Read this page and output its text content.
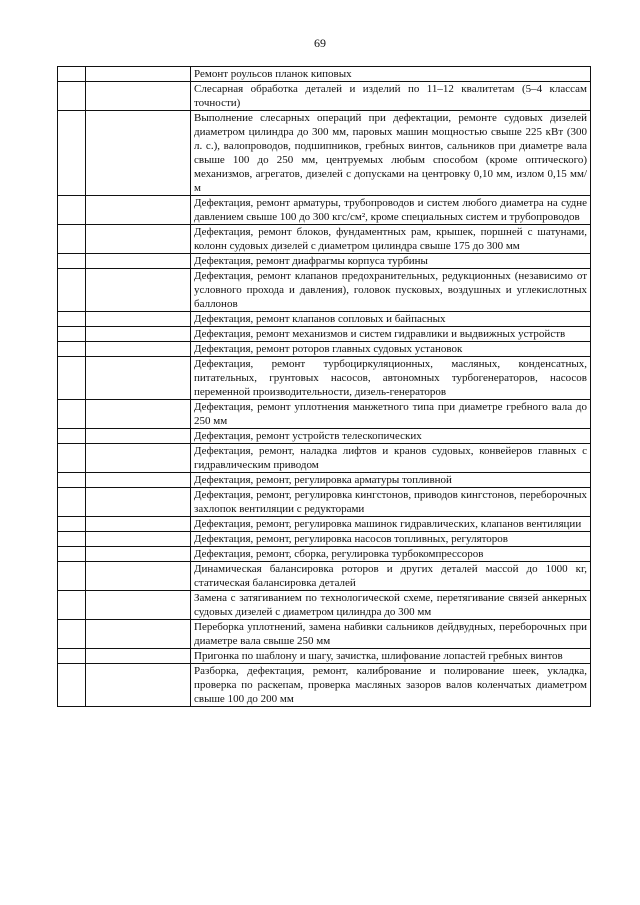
69
		Ремонт роульсов планок киповых
		Слесарная обработка деталей и изделий по 11–12 квалитетам (5–4 классам точности)
		Выполнение слесарных операций при дефектации, ремонте судовых дизелей диаметром цилиндра до 300 мм, паровых машин мощностью свыше 225 кВт (300 л. с.), валопроводов, подшипников, гребных винтов, сальников при диаметре вала свыше 100 до 250 мм, центруемых любым способом (кроме оптического) механизмов, агрегатов, дизелей с допусками на центровку 0,10 мм, излом 0,15 мм/м
		Дефектация, ремонт арматуры, трубопроводов и систем любого диаметра на судне давлением свыше 100 до 300 кгс/см², кроме специальных систем и трубопроводов
		Дефектация, ремонт блоков, фундаментных рам, крышек, поршней с шатунами, колонн судовых дизелей с диаметром цилиндра свыше 175 до 300 мм
		Дефектация, ремонт диафрагмы корпуса турбины
		Дефектация, ремонт клапанов предохранительных, редукционных (независимо от условного прохода и давления), головок пусковых, воздушных и углекислотных баллонов
		Дефектация, ремонт клапанов сопловых и байпасных
		Дефектация, ремонт механизмов и систем гидравлики и выдвижных устройств
		Дефектация, ремонт роторов главных судовых установок
		Дефектация, ремонт турбоциркуляционных, масляных, конденсатных, питательных, грунтовых насосов, автономных турбогенераторов, насосов переменной производительности, дизель-генераторов
		Дефектация, ремонт уплотнения манжетного типа при диаметре гребного вала до 250 мм
		Дефектация, ремонт устройств телескопических
		Дефектация, ремонт, наладка лифтов и кранов судовых, конвейеров главных с гидравлическим приводом
		Дефектация, ремонт, регулировка арматуры топливной
		Дефектация, ремонт, регулировка кингстонов, приводов кингстонов, переборочных захлопок вентиляции с редукторами
		Дефектация, ремонт, регулировка машинок гидравлических, клапанов вентиляции
		Дефектация, ремонт, регулировка насосов топливных, регуляторов
		Дефектация, ремонт, сборка, регулировка турбокомпрессоров
		Динамическая балансировка роторов и других деталей массой до 1000 кг, статическая балансировка деталей
		Замена с затягиванием по технологической схеме, перетягивание связей анкерных судовых дизелей с диаметром цилиндра до 300 мм
		Переборка уплотнений, замена набивки сальников дейдвудных, переборочных при диаметре вала свыше 250 мм
		Пригонка по шаблону и шагу, зачистка, шлифование лопастей гребных винтов
		Разборка, дефектация, ремонт, калибрование и полирование шеек, укладка, проверка по раскепам, проверка масляных зазоров валов коленчатых диаметром свыше 100 до 200 мм
